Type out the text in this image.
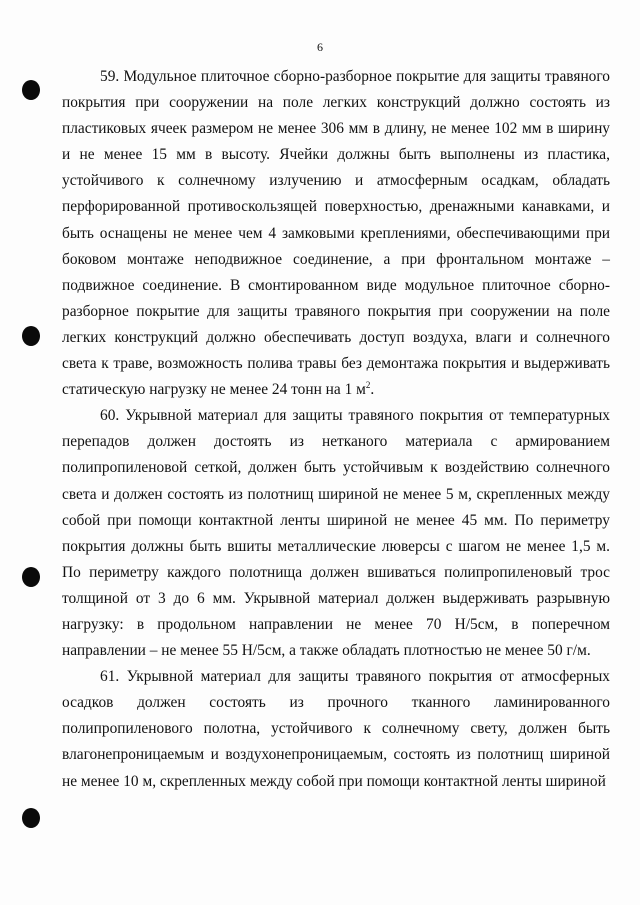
6

59. Модульное плиточное сборно-разборное покрытие для защиты травяного покрытия при сооружении на поле легких конструкций должно состоять из пластиковых ячеек размером не менее 306 мм в длину, не менее 102 мм в ширину и не менее 15 мм в высоту. Ячейки должны быть выполнены из пластика, устойчивого к солнечному излучению и атмосферным осадкам, обладать перфорированной противоскользящей поверхностью, дренажными канавками, и быть оснащены не менее чем 4 замковыми креплениями, обеспечивающими при боковом монтаже неподвижное соединение, а при фронтальном монтаже – подвижное соединение. В смонтированном виде модульное плиточное сборно-разборное покрытие для защиты травяного покрытия при сооружении на поле легких конструкций должно обеспечивать доступ воздуха, влаги и солнечного света к траве, возможность полива травы без демонтажа покрытия и выдерживать статическую нагрузку не менее 24 тонн на 1 $м^2$.

60. Укрывной материал для защиты травяного покрытия от температурных перепадов должен достоять из нетканого материала с армированием полипропиленовой сеткой, должен быть устойчивым к воздействию солнечного света и должен состоять из полотнищ шириной не менее 5 м, скрепленных между собой при помощи контактной ленты шириной не менее 45 мм. По периметру покрытия должны быть вшиты металлические люверсы с шагом не менее 1,5 м. По периметру каждого полотнища должен вшиваться полипропиленовый трос толщиной от 3 до 6 мм. Укрывной материал должен выдерживать разрывную нагрузку: в продольном направлении не менее 70 Н/5см, в поперечном направлении – не менее 55 Н/5см, а также обладать плотностью не менее 50 г/м.

61. Укрывной материал для защиты травяного покрытия от атмосферных осадков должен состоять из прочного тканного ламинированного полипропиленового полотна, устойчивого к солнечному свету, должен быть влагонепроницаемым и воздухонепроницаемым, состоять из полотнищ шириной не менее 10 м, скрепленных между собой при помощи контактной ленты шириной
